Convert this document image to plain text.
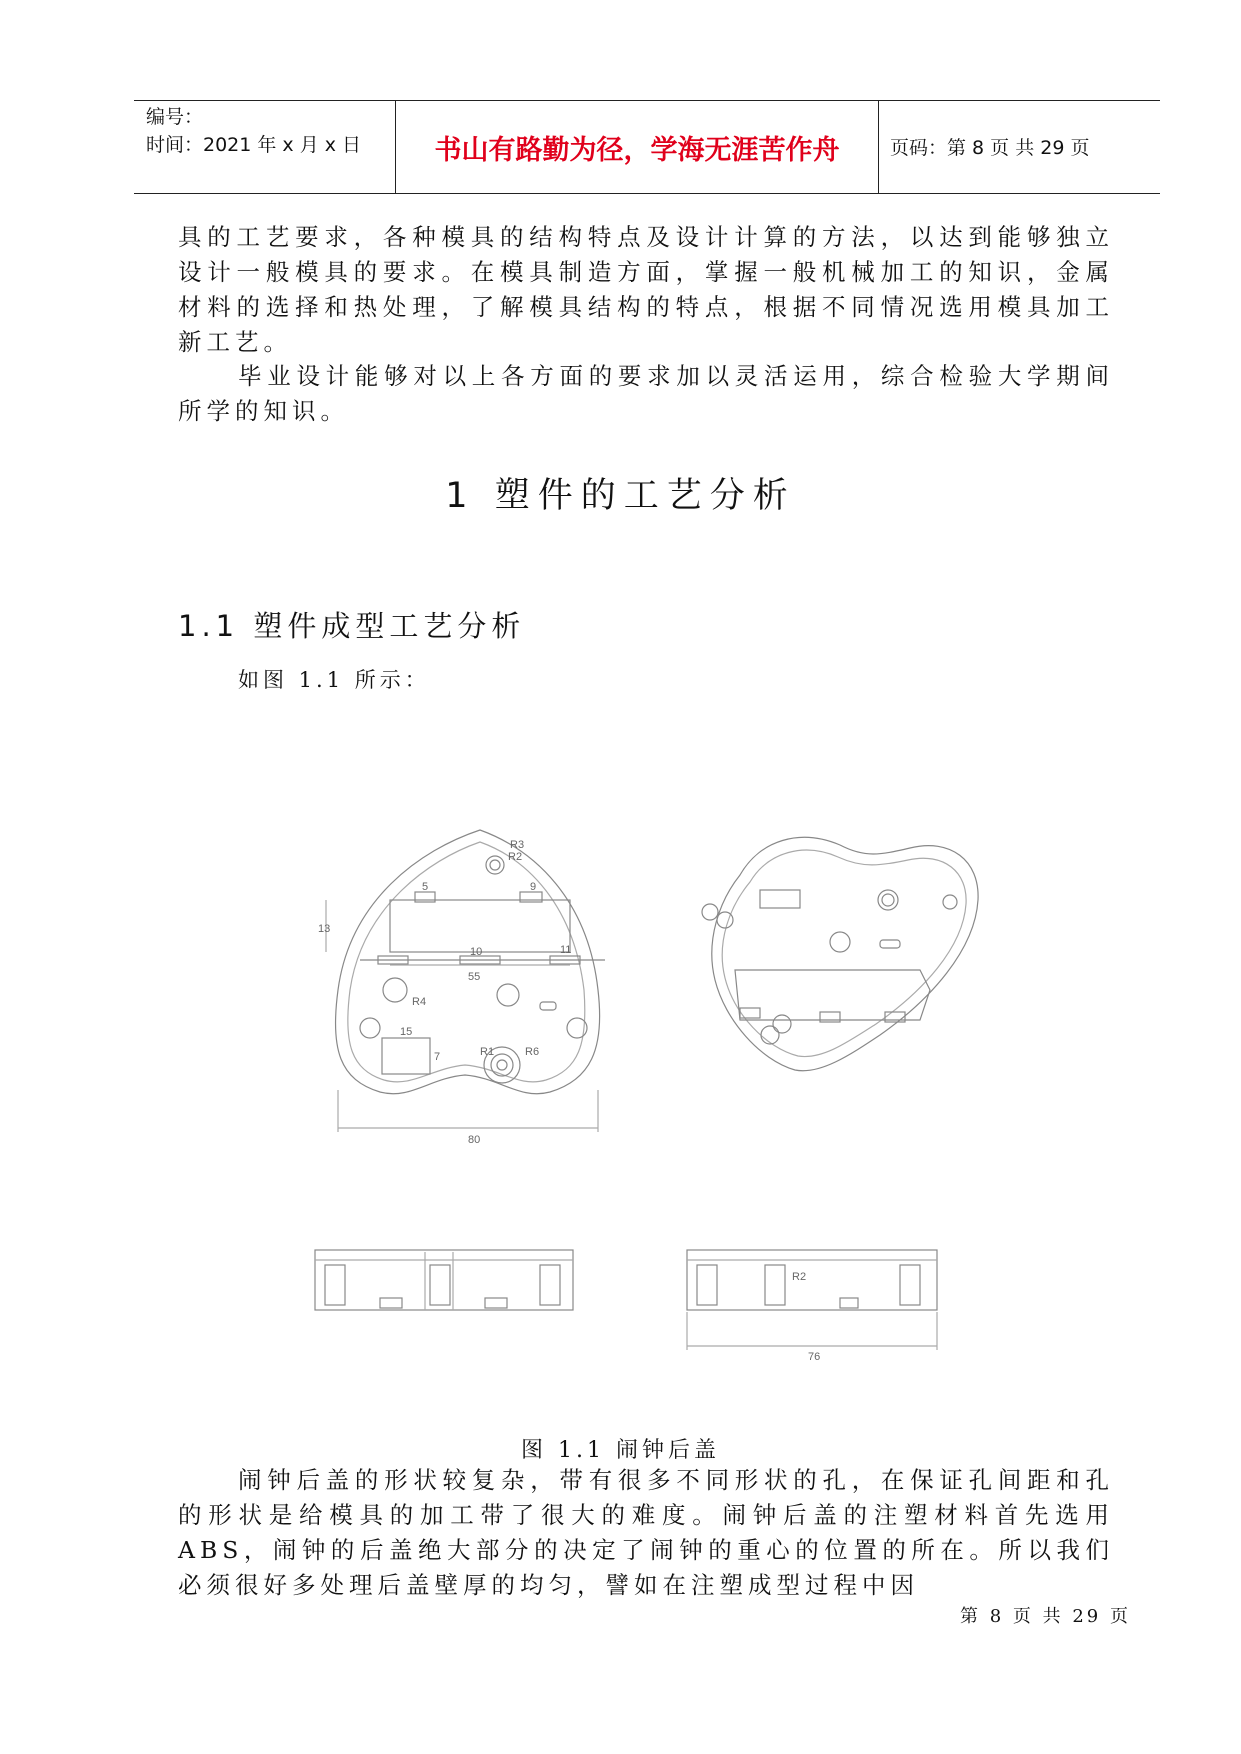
编号：
时间：2021 年 x 月 x 日	书山有路勤为径，学海无涯苦作舟	页码：第 8 页 共 29 页

具的工艺要求，各种模具的结构特点及设计计算的方法，以达到能够独立设计一般模具的要求。在模具制造方面，掌握一般机械加工的知识，金属材料的选择和热处理，了解模具结构的特点，根据不同情况选用模具加工新工艺。

毕业设计能够对以上各方面的要求加以灵活运用，综合检验大学期间所学的知识。

1 塑件的工艺分析
1.1 塑件成型工艺分析
如图 1.1 所示：
80
55
13
5	9
10	11
15
7
76
R1
R2
R2
R3
R4
R6
图 1.1 闹钟后盖

闹钟后盖的形状较复杂，带有很多不同形状的孔，在保证孔间距和孔的形状是给模具的加工带了很大的难度。闹钟后盖的注塑材料首先选用 ABS，闹钟的后盖绝大部分的决定了闹钟的重心的位置的所在。所以我们必须很好多处理后盖壁厚的均匀，譬如在注塑成型过程中因

第 8 页 共 29 页
